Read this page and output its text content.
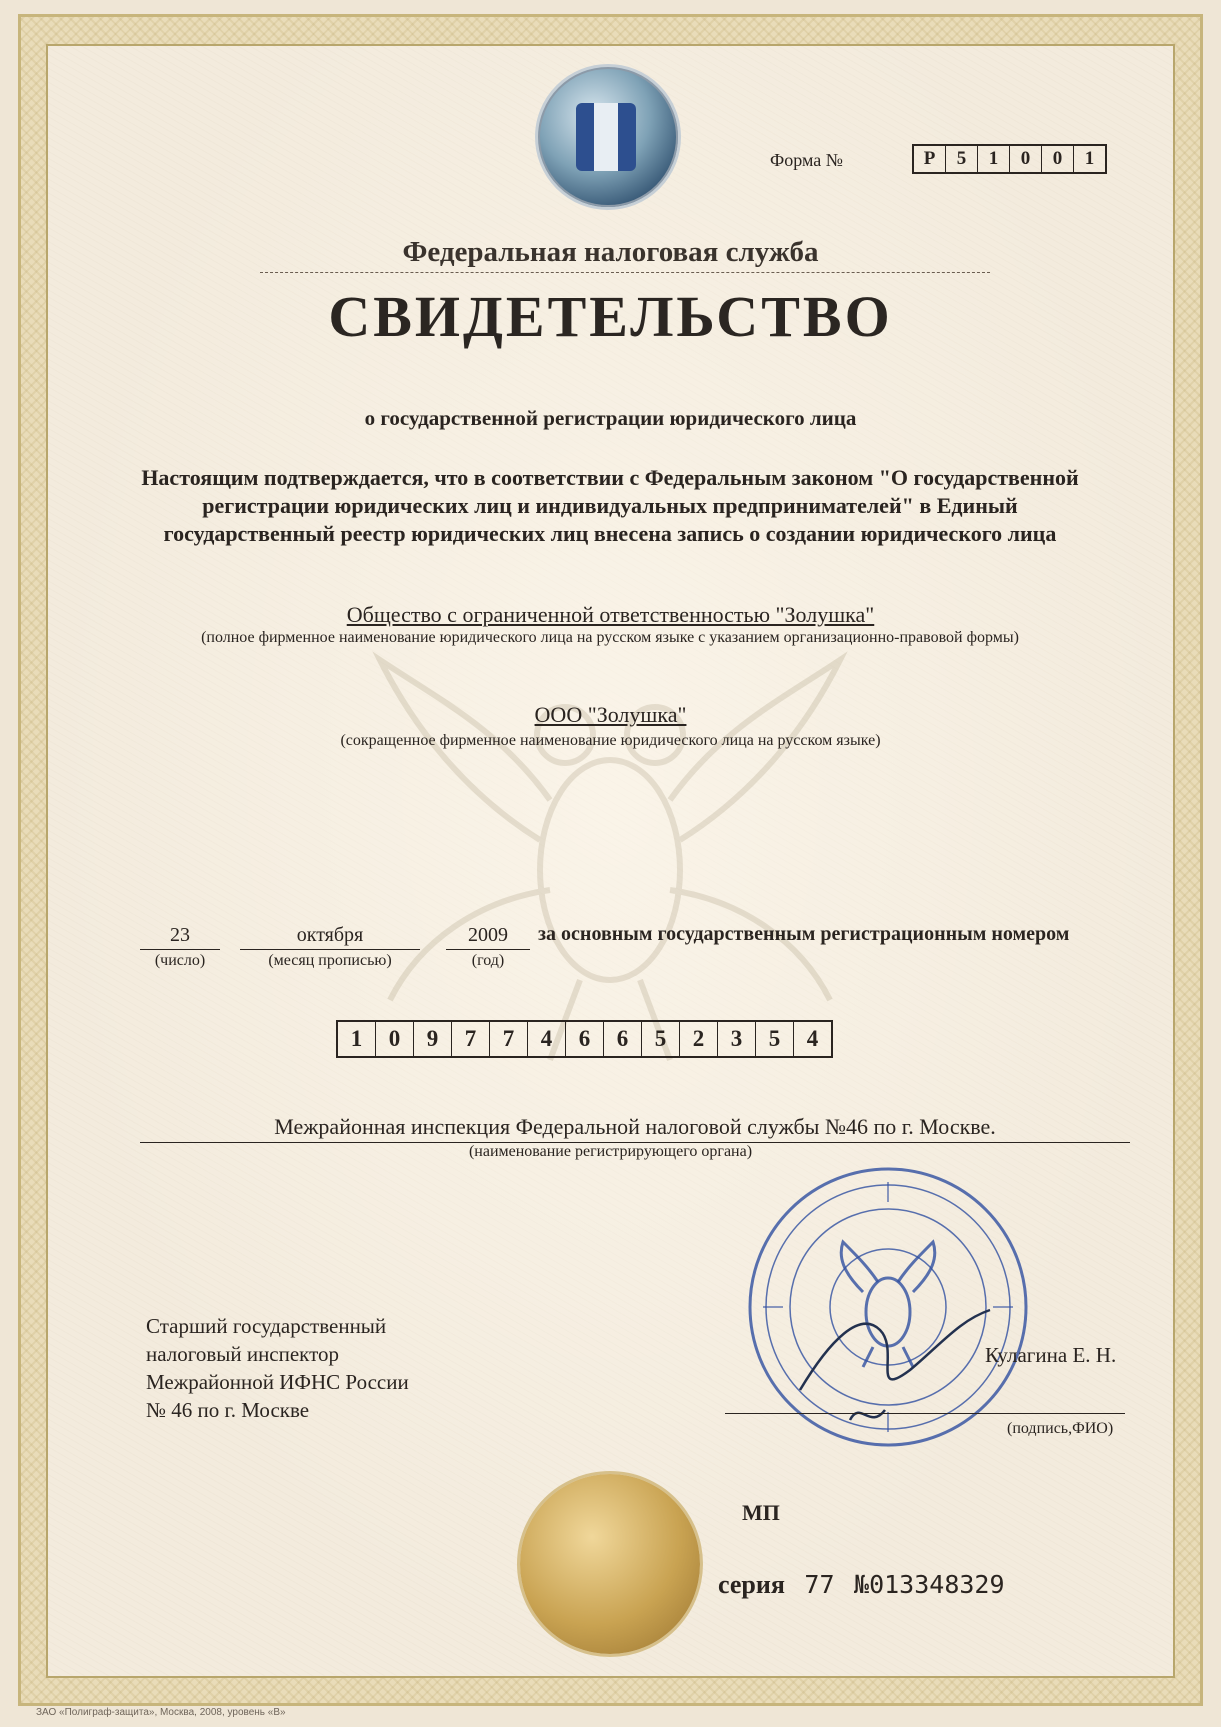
Форма №	Р	5	1	0	0	1
Федеральная налоговая служба
СВИДЕТЕЛЬСТВО
о государственной регистрации юридического лица
Настоящим подтверждается, что в соответствии с Федеральным законом "О государственной регистрации юридических лиц и индивидуальных предпринимателей" в Единый государственный реестр юридических лиц внесена запись о создании юридического лица
Общество с ограниченной ответственностью "Золушка"
(полное фирменное наименование юридического лица на русском языке с указанием организационно-правовой формы)
ООО "Золушка"
(сокращенное фирменное наименование юридического лица на русском языке)
23
(число)
октября
(месяц прописью)
2009
(год)
за основным государственным регистрационным номером
1	0	9	7	7	4	6	6	5	2	3	5	4
Межрайонная инспекция Федеральной налоговой службы №46 по г. Москве.
(наименование регистрирующего органа)
Старший государственный
налоговый инспектор
Межрайонной ИФНС России
№ 46 по г. Москве
Кулагина Е. Н.
(подпись,ФИО)
МП
серия 77 №013348329
ЗАО «Полиграф-защита», Москва, 2008, уровень «В»
